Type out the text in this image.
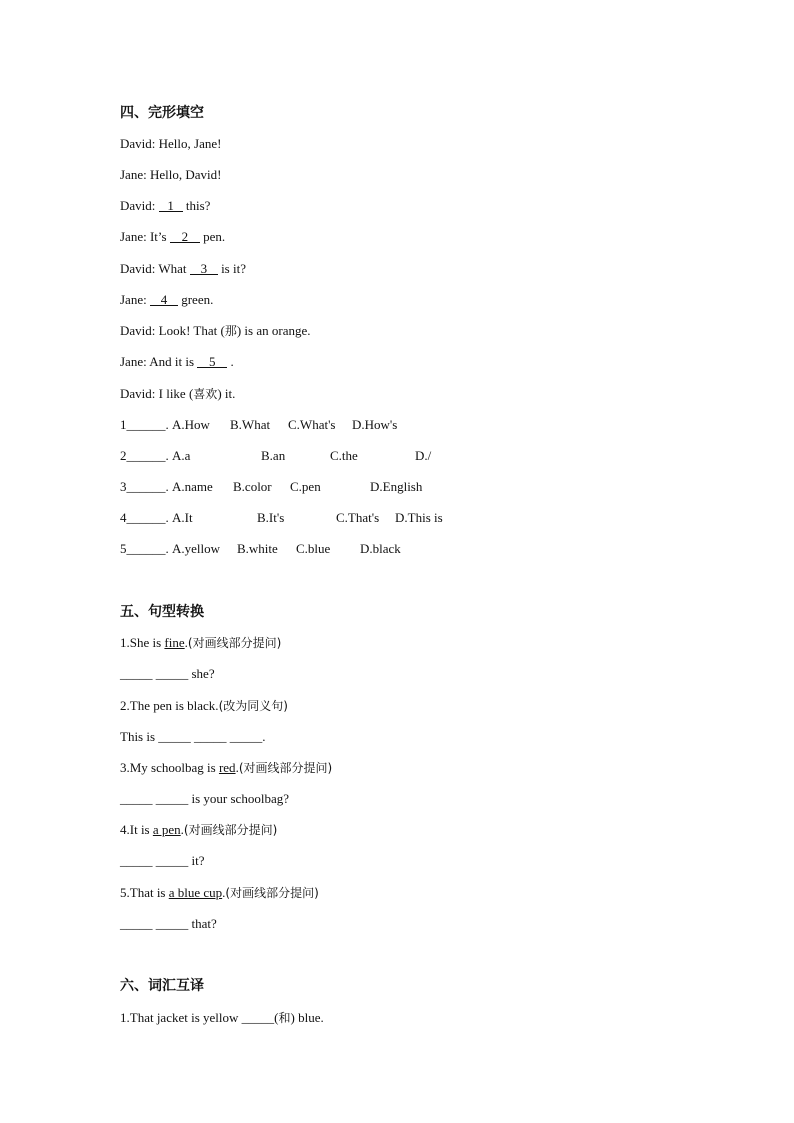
四、完形填空
David: Hello, Jane!
Jane: Hello, David!
David: 1 this?
Jane: It’s 2 pen.
David: What 3 is it?
Jane: 4 green.
David: Look! That (那) is an orange.
Jane: And it is 5 .
David: I like (喜欢) it.
1______. A.How B.What C.What's D.How's
2______. A.a	B.an	C.the	D./
3______. A.name B.color C.pen	D.English
4______. A.It	B.It's	C.That's D.This is
5______. A.yellow B.white C.blue D.black
五、句型转换
1.She is fine.(对画线部分提问)
_____ _____ she?
2.The pen is black.(改为同义句)
This is _____ _____ _____.
3.My schoolbag is red.(对画线部分提问)
_____ _____ is your schoolbag?
4.It is a pen.(对画线部分提问)
_____ _____ it?
5.That is a blue cup.(对画线部分提问)
_____ _____ that?
六、词汇互译
1.That jacket is yellow _____(和) blue.
